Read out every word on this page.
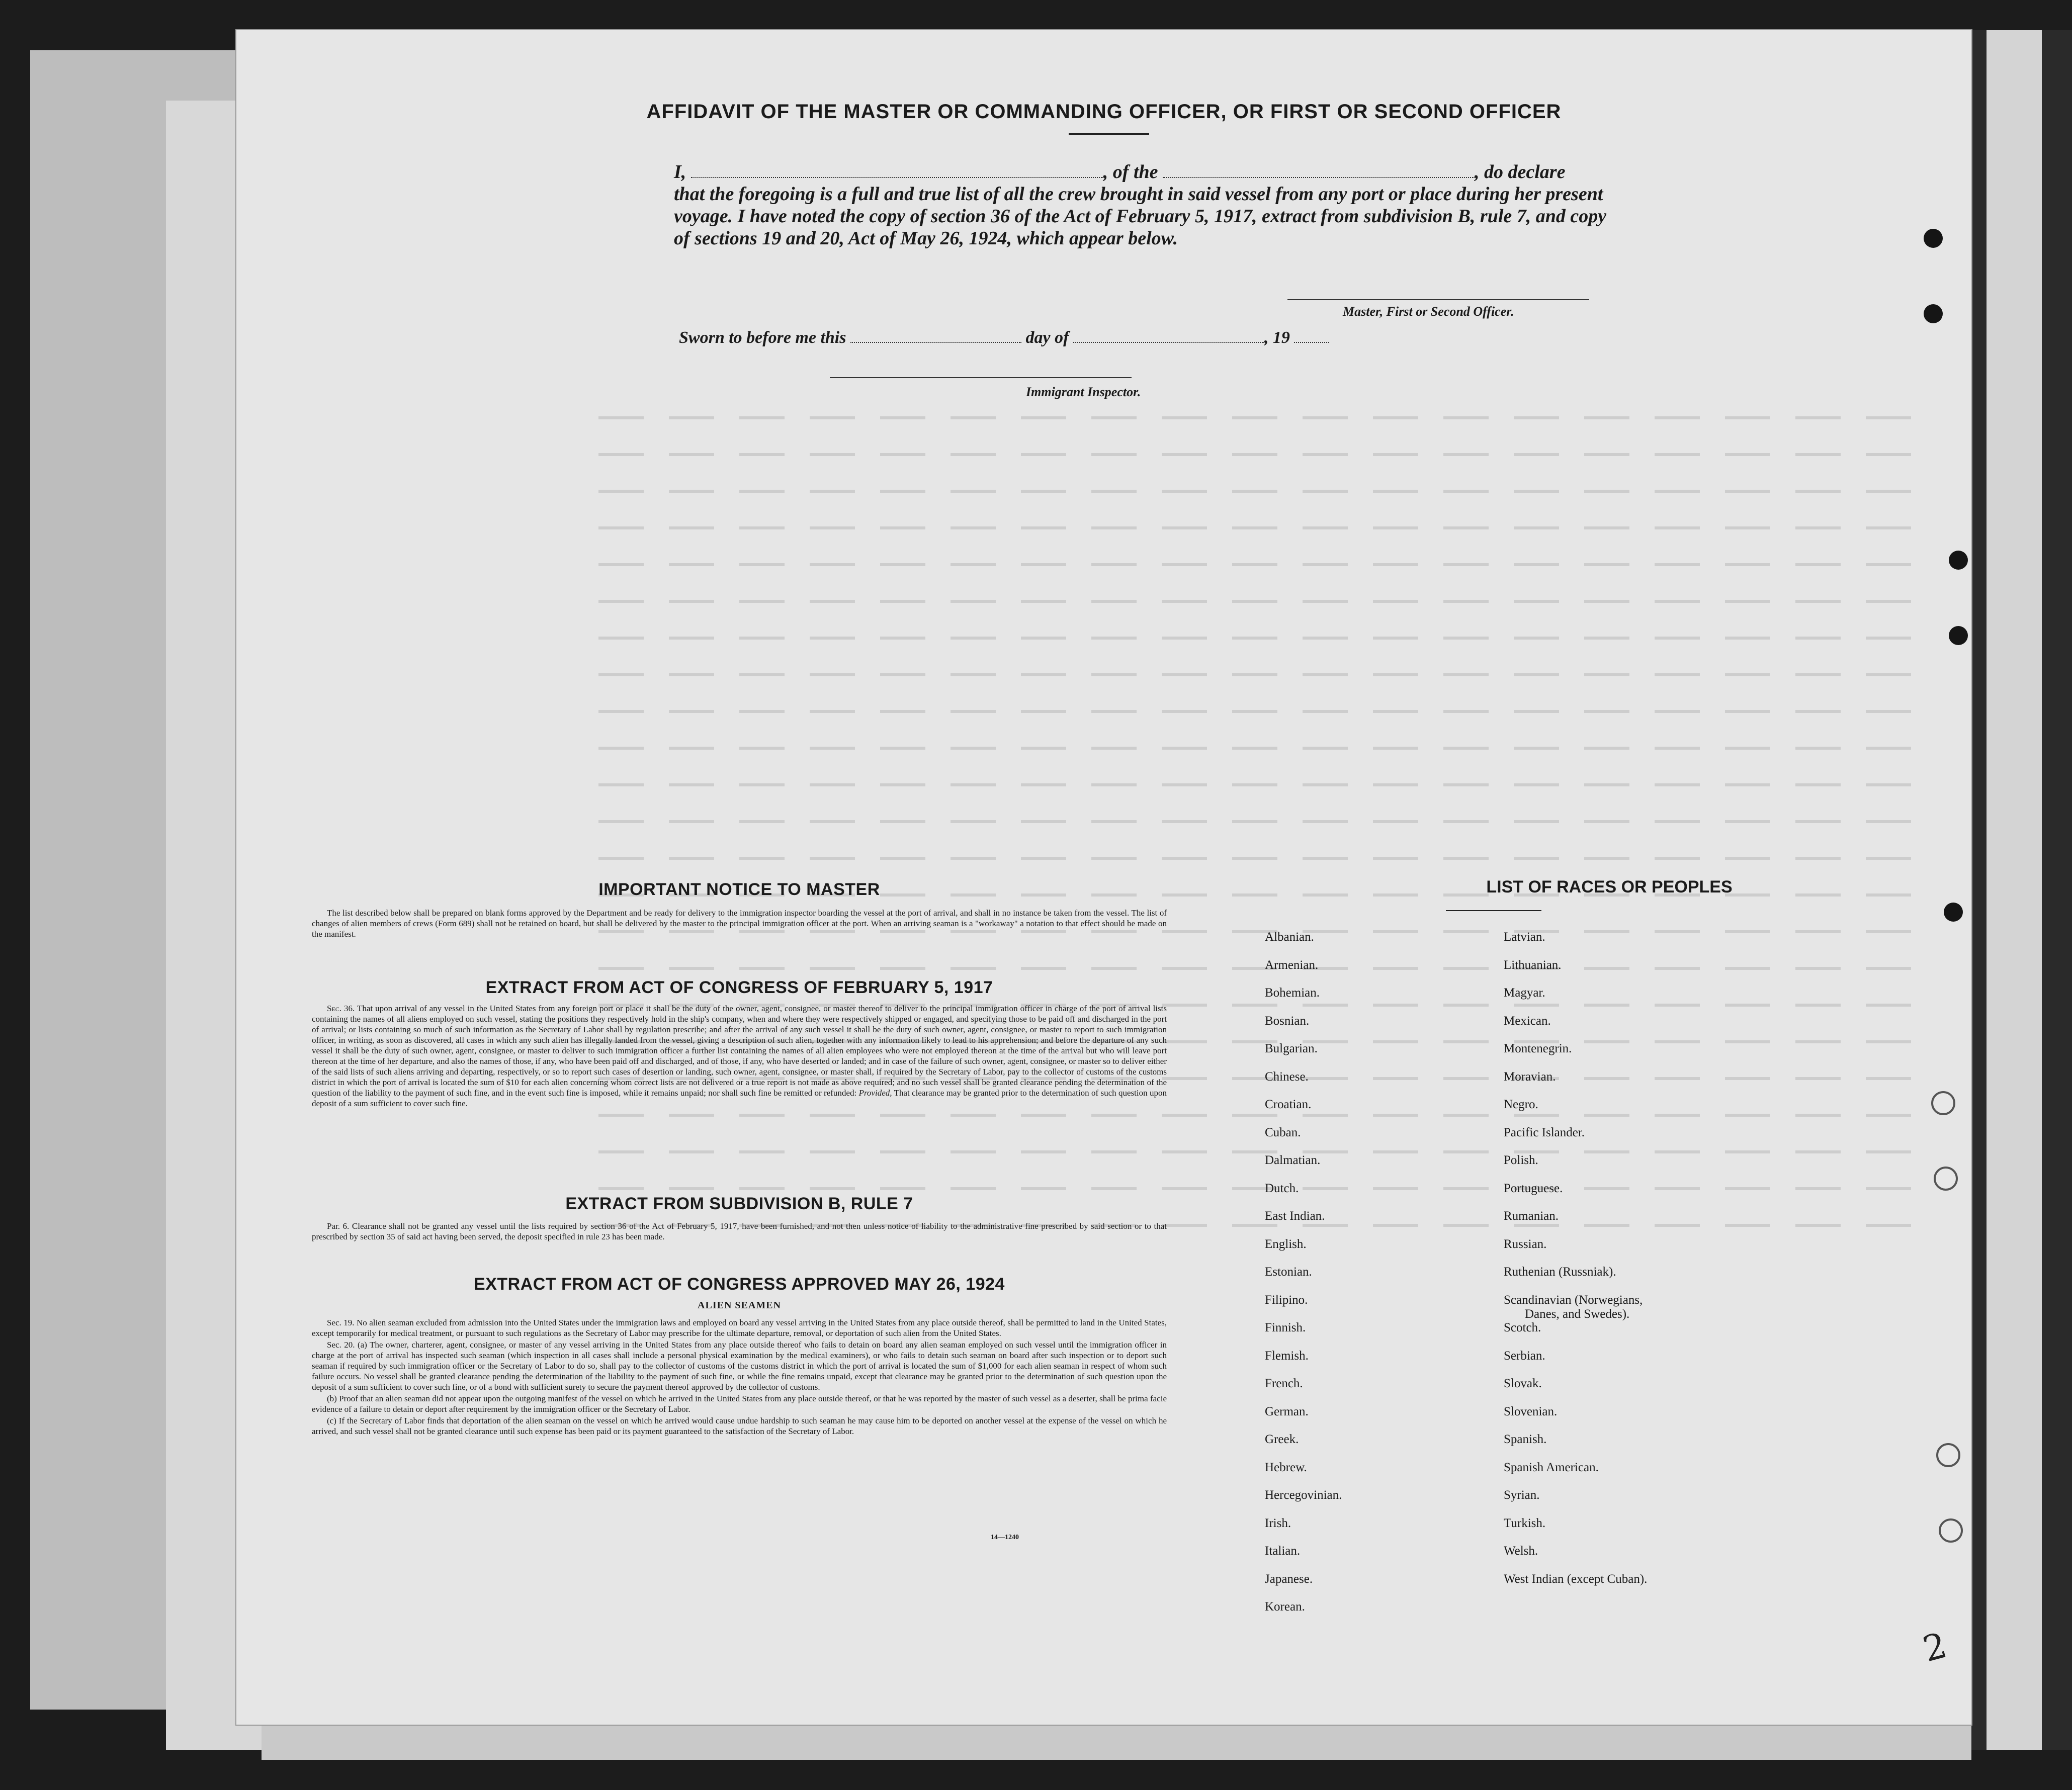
AFFIDAVIT OF THE MASTER OR COMMANDING OFFICER, OR FIRST OR SECOND OFFICER
I,	, of the	, do declare
that the foregoing is a full and true list of all the crew brought in said vessel from any port or place during her present
voyage. I have noted the copy of section 36 of the Act of February 5, 1917, extract from subdivision B, rule 7, and copy
of sections 19 and 20, Act of May 26, 1924, which appear below.
Master, First or Second Officer.
Sworn to before me this	day of	, 19
Immigrant Inspector.
IMPORTANT NOTICE TO MASTER

The list described below shall be prepared on blank forms approved by the Department and be ready for delivery to the immigration inspector boarding the vessel at the port of arrival, and shall in no instance be taken from the vessel. The list of changes of alien members of crews (Form 689) shall not be retained on board, but shall be delivered by the master to the principal immigration officer at the port. When an arriving seaman is a "workaway" a notation to that effect should be made on the manifest.

EXTRACT FROM ACT OF CONGRESS OF FEBRUARY 5, 1917

Sec. 36. That upon arrival of any vessel in the United States from any foreign port or place it shall be the duty of the owner, agent, consignee, or master thereof to deliver to the principal immigration officer in charge of the port of arrival lists containing the names of all aliens employed on such vessel, stating the positions they respectively hold in the ship's company, when and where they were respectively shipped or engaged, and specifying those to be paid off and discharged in the port of arrival; or lists containing so much of such information as the Secretary of Labor shall by regulation prescribe; and after the arrival of any such vessel it shall be the duty of such owner, agent, consignee, or master to report to such immigration officer, in writing, as soon as discovered, all cases in which any such alien has illegally landed from the vessel, giving a description of such alien, together with any information likely to lead to his apprehension; and before the departure of any such vessel it shall be the duty of such owner, agent, consignee, or master to deliver to such immigration officer a further list containing the names of all alien employees who were not employed thereon at the time of the arrival but who will leave port thereon at the time of her departure, and also the names of those, if any, who have been paid off and discharged, and of those, if any, who have deserted or landed; and in case of the failure of such owner, agent, consignee, or master so to deliver either of the said lists of such aliens arriving and departing, respectively, or so to report such cases of desertion or landing, such owner, agent, consignee, or master shall, if required by the Secretary of Labor, pay to the collector of customs of the customs district in which the port of arrival is located the sum of $10 for each alien concerning whom correct lists are not delivered or a true report is not made as above required; and no such vessel shall be granted clearance pending the determination of the question of the liability to the payment of such fine, and in the event such fine is imposed, while it remains unpaid; nor shall such fine be remitted or refunded: Provided, That clearance may be granted prior to the determination of such question upon deposit of a sum sufficient to cover such fine.

EXTRACT FROM SUBDIVISION B, RULE 7

Par. 6. Clearance shall not be granted any vessel until the lists required by section 36 of the Act of February 5, 1917, have been furnished, and not then unless notice of liability to the administrative fine prescribed by said section or to that prescribed by section 35 of said act having been served, the deposit specified in rule 23 has been made.

EXTRACT FROM ACT OF CONGRESS APPROVED MAY 26, 1924
ALIEN SEAMEN

Sec. 19. No alien seaman excluded from admission into the United States under the immigration laws and employed on board any vessel arriving in the United States from any place outside thereof, shall be permitted to land in the United States, except temporarily for medical treatment, or pursuant to such regulations as the Secretary of Labor may prescribe for the ultimate departure, removal, or deportation of such alien from the United States.

Sec. 20. (a) The owner, charterer, agent, consignee, or master of any vessel arriving in the United States from any place outside thereof who fails to detain on board any alien seaman employed on such vessel until the immigration officer in charge at the port of arrival has inspected such seaman (which inspection in all cases shall include a personal physical examination by the medical examiners), or who fails to detain such seaman on board after such inspection or to deport such seaman if required by such immigration officer or the Secretary of Labor to do so, shall pay to the collector of customs of the customs district in which the port of arrival is located the sum of $1,000 for each alien seaman in respect of whom such failure occurs. No vessel shall be granted clearance pending the determination of the liability to the payment of such fine, or while the fine remains unpaid, except that clearance may be granted prior to the determination of such question upon the deposit of a sum sufficient to cover such fine, or of a bond with sufficient surety to secure the payment thereof approved by the collector of customs.

(b) Proof that an alien seaman did not appear upon the outgoing manifest of the vessel on which he arrived in the United States from any place outside thereof, or that he was reported by the master of such vessel as a deserter, shall be prima facie evidence of a failure to detain or deport after requirement by the immigration officer or the Secretary of Labor.

(c) If the Secretary of Labor finds that deportation of the alien seaman on the vessel on which he arrived would cause undue hardship to such seaman he may cause him to be deported on another vessel at the expense of the vessel on which he arrived, and such vessel shall not be granted clearance until such expense has been paid or its payment guaranteed to the satisfaction of the Secretary of Labor.

14—1240
LIST OF RACES OR PEOPLES
2
Albanian.
Armenian.
Bohemian.
Bosnian.
Bulgarian.
Chinese.
Croatian.
Cuban.
Dalmatian.
Dutch.
East Indian.
English.
Estonian.
Filipino.
Finnish.
Flemish.
French.
German.
Greek.
Hebrew.
Hercegovinian.
Irish.
Italian.
Japanese.
Korean.
Latvian.
Lithuanian.
Magyar.
Mexican.
Montenegrin.
Moravian.
Negro.
Pacific Islander.
Polish.
Portuguese.
Rumanian.
Russian.
Ruthenian (Russniak).
Scandinavian (Norwegians,
Danes, and Swedes).
Scotch.
Serbian.
Slovak.
Slovenian.
Spanish.
Spanish American.
Syrian.
Turkish.
Welsh.
West Indian (except Cuban).
